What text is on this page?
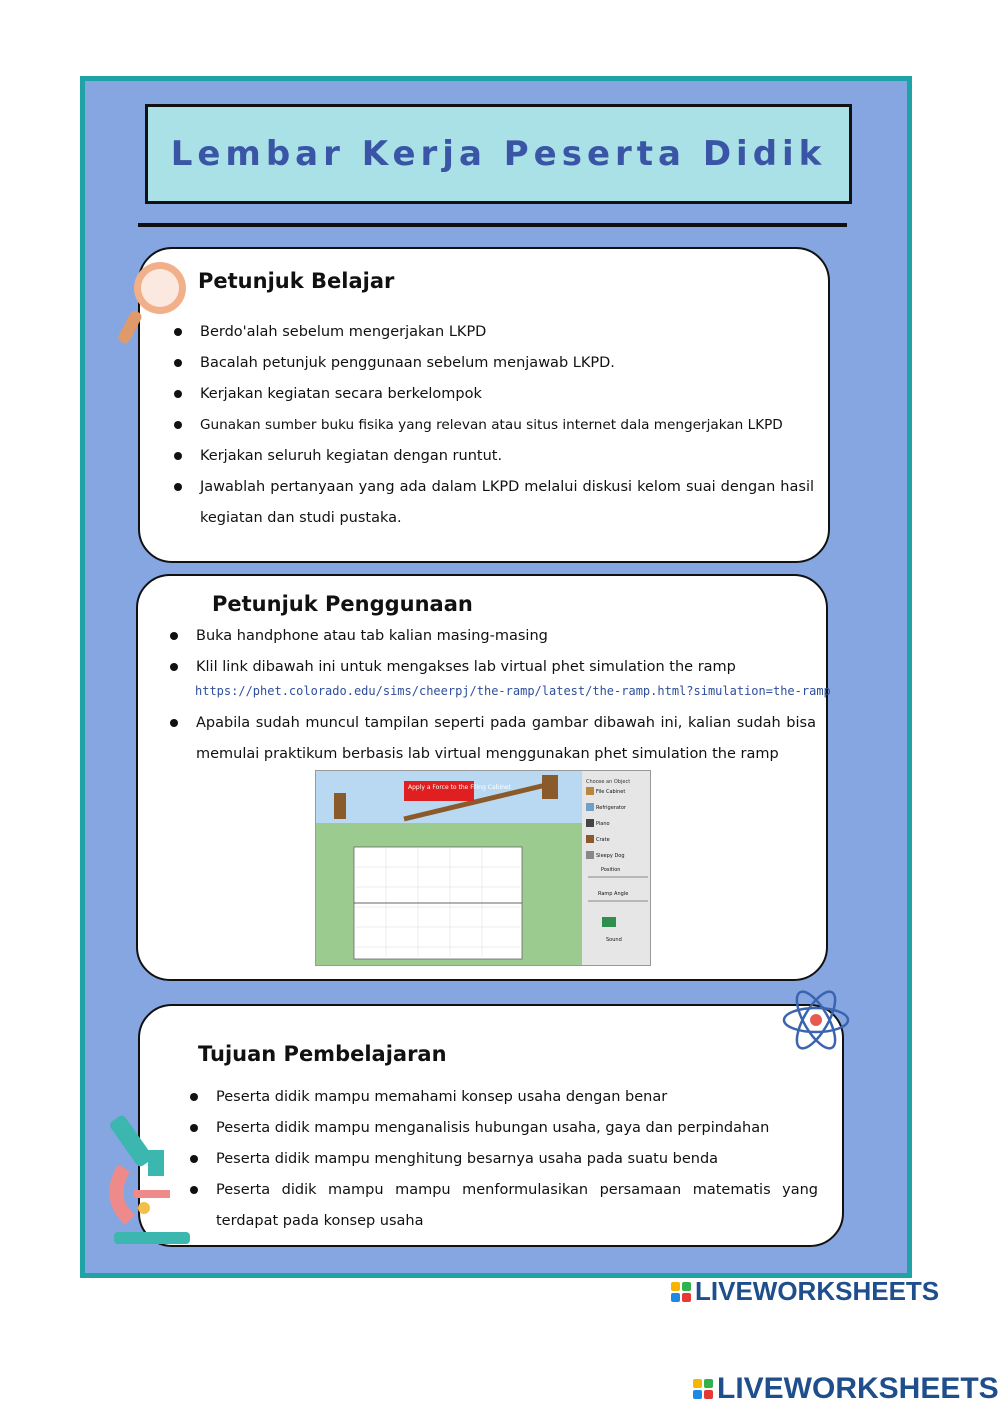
Lembar Kerja Peserta Didik
Petunjuk Belajar
Berdo'alah sebelum mengerjakan LKPD
Bacalah petunjuk penggunaan sebelum menjawab LKPD.
Kerjakan kegiatan secara berkelompok
Gunakan sumber buku fisika yang relevan atau situs internet dala mengerjakan LKPD
Kerjakan seluruh kegiatan dengan runtut.
Jawablah pertanyaan yang ada dalam LKPD melalui diskusi kelom suai dengan hasil kegiatan dan studi pustaka.
Petunjuk Penggunaan
Buka handphone atau tab kalian masing-masing
Klil link dibawah ini untuk mengakses lab virtual phet simulation the ramp
Apabila sudah muncul tampilan seperti pada gambar dibawah ini, kalian sudah bisa memulai praktikum berbasis lab virtual menggunakan phet simulation the ramp
https://phet.colorado.edu/sims/cheerpj/the-ramp/latest/the-ramp.html?simulation=the-ramp
Apply a Force to the Filing Cabinet
Choose an Object
File Cabinet
Refrigerator
Piano
Crate
Sleepy Dog
Position
Ramp Angle
Sound
Tujuan Pembelajaran
Peserta didik mampu memahami konsep usaha dengan benar
Peserta didik mampu menganalisis hubungan usaha, gaya dan perpindahan
Peserta didik mampu menghitung besarnya usaha pada suatu benda
Peserta didik mampu mampu menformulasikan persamaan matematis yang terdapat pada konsep usaha
LIVEWORKSHEETS
LIVEWORKSHEETS
